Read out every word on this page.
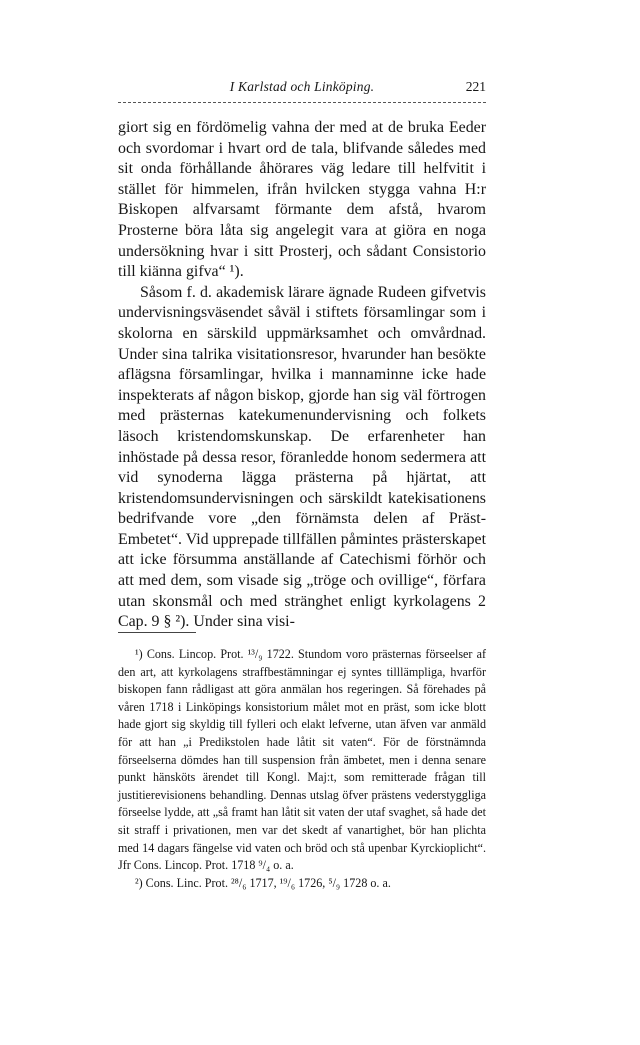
I Karlstad och Linköping.	221

giort sig en fördömelig vahna der med at de bruka Eeder och svordomar i hvart ord de tala, blifvande således med sit onda förhållande åhörares väg ledare till helfvitit i stället för himmelen, ifrån hvilcken stygga vahna H:r Biskopen alfvarsamt förmante dem afstå, hvarom Prosterne böra låta sig angelegit vara at giöra en noga undersökning hvar i sitt Prosterj, och sådant Consistorio till kiänna gifva“ ¹).

Såsom f. d. akademisk lärare ägnade Rudeen gifvetvis undervisningsväsendet såväl i stiftets församlingar som i skolorna en särskild uppmärksamhet och omvårdnad. Under sina talrika visitationsresor, hvarunder han besökte aflägsna församlingar, hvilka i mannaminne icke hade inspekterats af någon biskop, gjorde han sig väl förtrogen med prästernas katekumenundervisning och folkets läsoch kristendomskunskap. De erfarenheter han inhöstade på dessa resor, föranledde honom sedermera att vid synoderna lägga prästerna på hjärtat, att kristendomsundervisningen och särskildt katekisationens bedrifvande vore „den förnämsta delen af Präst-Embetet“. Vid upprepade tillfällen påmintes prästerskapet att icke försumma anställande af Catechismi förhör och att med dem, som visade sig „tröge och ovillige“, förfara utan skonsmål och med stränghet enligt kyrkolagens 2 Cap. 9 § ²). Under sina visi-

¹) Cons. Lincop. Prot. ¹³/₉ 1722. Stundom voro prästernas förseelser af den art, att kyrkolagens straffbestämningar ej syntes tilllämpliga, hvarför biskopen fann rådligast att göra anmälan hos regeringen. Så förehades på våren 1718 i Linköpings konsistorium målet mot en präst, som icke blott hade gjort sig skyldig till fylleri och elakt lefverne, utan äfven var anmäld för att han „i Predikstolen hade låtit sit vaten“. För de förstnämnda förseelserna dömdes han till suspension från ämbetet, men i denna senare punkt hänsköts ärendet till Kongl. Maj:t, som remitterade frågan till justitierevisionens behandling. Dennas utslag öfver prästens vederstyggliga förseelse lydde, att „så framt han låtit sit vaten der utaf svaghet, så hade det sit straff i privationen, men var det skedt af vanartighet, bör han plichta med 14 dagars fängelse vid vaten och bröd och stå upenbar Kyrckioplicht“. Jfr Cons. Lincop. Prot. 1718 ⁹/₄ o. a.

²) Cons. Linc. Prot. ²⁸/₆ 1717, ¹⁹/₆ 1726, ⁵/₉ 1728 o. a.
